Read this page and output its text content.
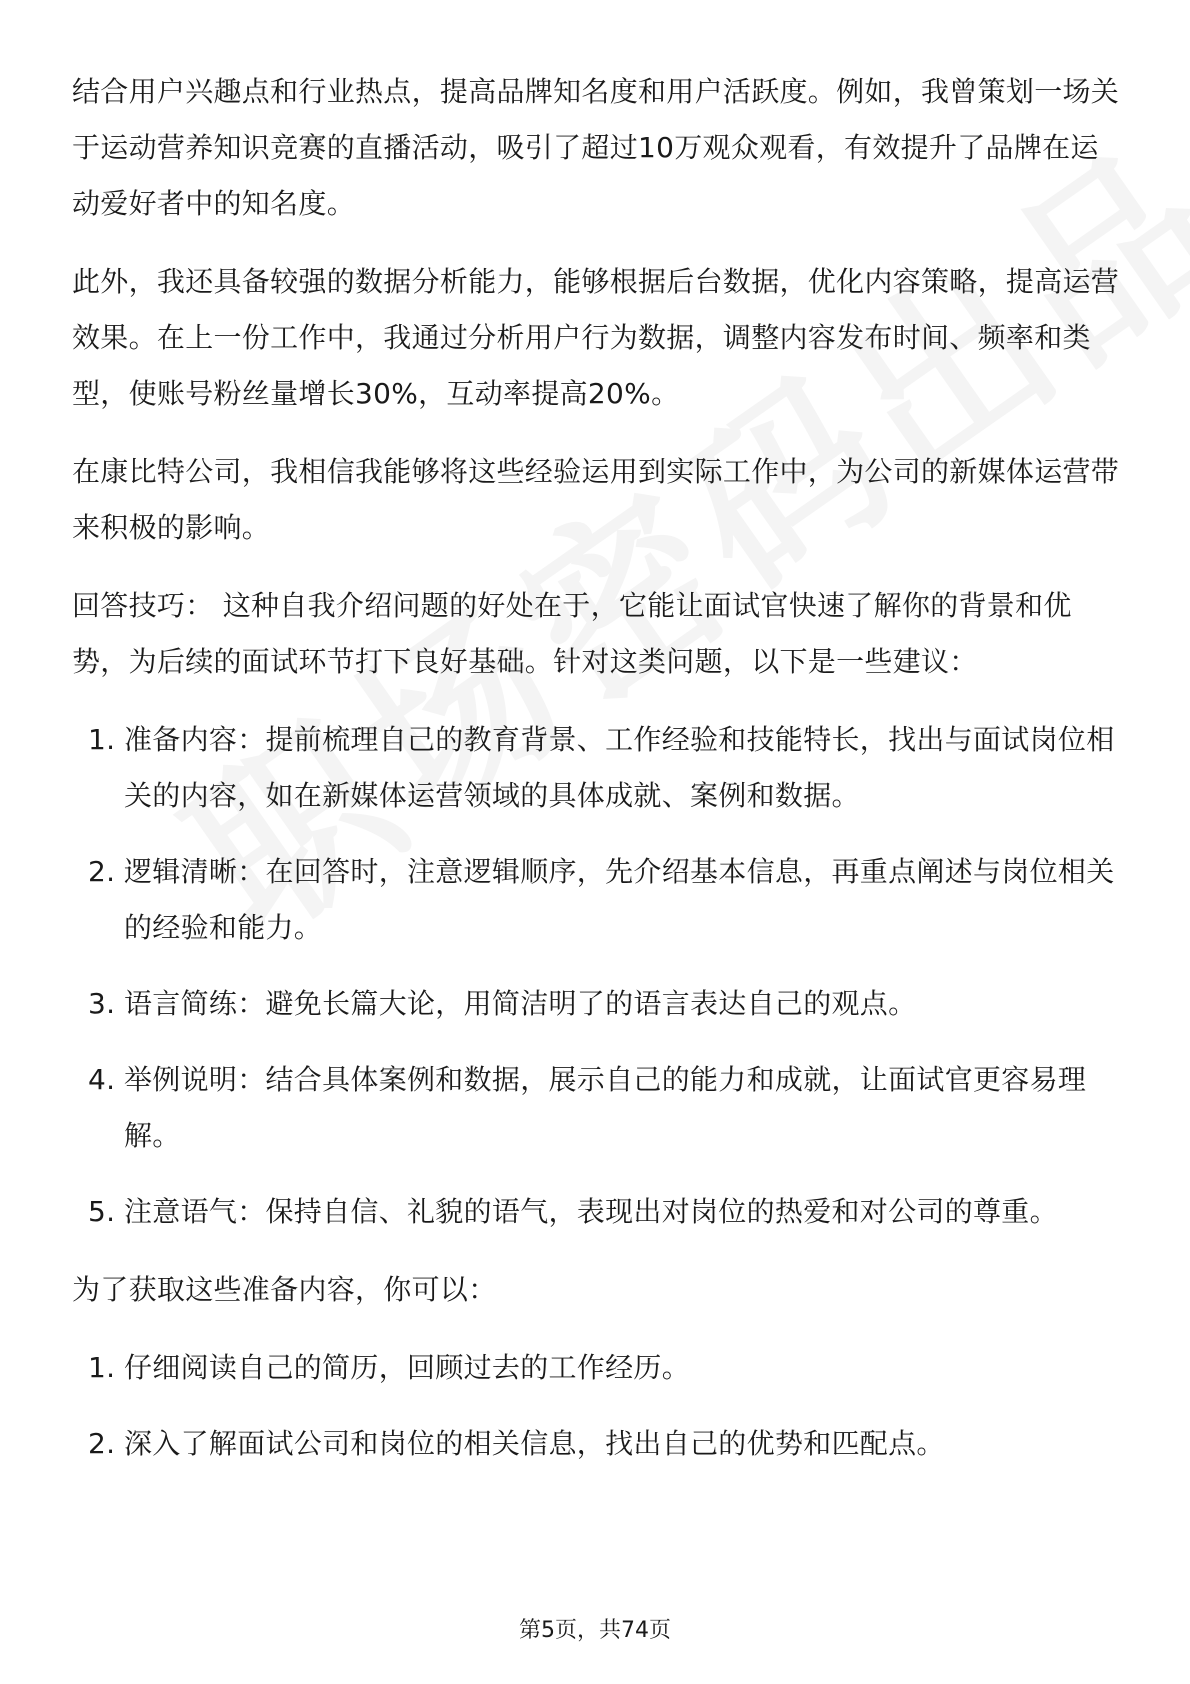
结合用户兴趣点和行业热点，提高品牌知名度和用户活跃度。例如，我曾策划一场关于运动营养知识竞赛的直播活动，吸引了超过10万观众观看，有效提升了品牌在运动爱好者中的知名度。

此外，我还具备较强的数据分析能力，能够根据后台数据，优化内容策略，提高运营效果。在上一份工作中，我通过分析用户行为数据，调整内容发布时间、频率和类型，使账号粉丝量增长30%，互动率提高20%。

在康比特公司，我相信我能够将这些经验运用到实际工作中，为公司的新媒体运营带来积极的影响。

回答技巧： 这种自我介绍问题的好处在于，它能让面试官快速了解你的背景和优势，为后续的面试环节打下良好基础。针对这类问题，以下是一些建议：

1. 准备内容：提前梳理自己的教育背景、工作经验和技能特长，找出与面试岗位相关的内容，如在新媒体运营领域的具体成就、案例和数据。
2. 逻辑清晰：在回答时，注意逻辑顺序，先介绍基本信息，再重点阐述与岗位相关的经验和能力。
3. 语言简练：避免长篇大论，用简洁明了的语言表达自己的观点。
4. 举例说明：结合具体案例和数据，展示自己的能力和成就，让面试官更容易理解。
5. 注意语气：保持自信、礼貌的语气，表现出对岗位的热爱和对公司的尊重。

为了获取这些准备内容，你可以：

1. 仔细阅读自己的简历，回顾过去的工作经历。
2. 深入了解面试公司和岗位的相关信息，找出自己的优势和匹配点。
第5页，共74页
